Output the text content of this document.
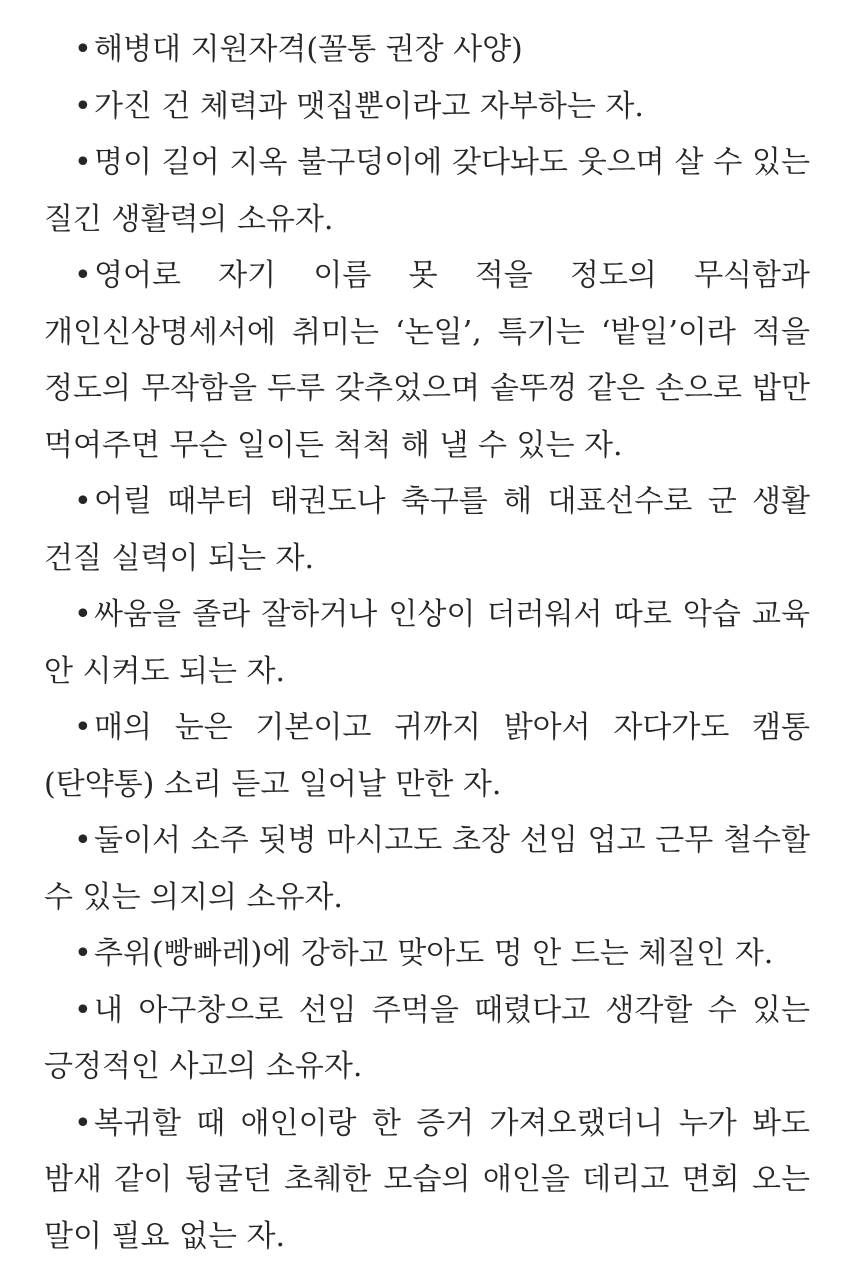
•해병대 지원자격(꼴통 권장 사양)

•가진 건 체력과 맷집뿐이라고 자부하는 자.

•명이 길어 지옥 불구덩이에 갖다놔도 웃으며 살 수 있는 질긴 생활력의 소유자.

•영어로 자기 이름 못 적을 정도의 무식함과 개인신상명세서에 취미는 ‘논일’, 특기는 ‘밭일’이라 적을 정도의 무작함을 두루 갖추었으며 솥뚜껑 같은 손으로 밥만 먹여주면 무슨 일이든 척척 해 낼 수 있는 자.

•어릴 때부터 태권도나 축구를 해 대표선수로 군 생활 건질 실력이 되는 자.

•싸움을 졸라 잘하거나 인상이 더러워서 따로 악습 교육 안 시켜도 되는 자.

•매의 눈은 기본이고 귀까지 밝아서 자다가도 캠통(탄약통) 소리 듣고 일어날 만한 자.

•둘이서 소주 됫병 마시고도 초장 선임 업고 근무 철수할 수 있는 의지의 소유자.

•추위(빵빠레)에 강하고 맞아도 멍 안 드는 체질인 자.

•내 아구창으로 선임 주먹을 때렸다고 생각할 수 있는 긍정적인 사고의 소유자.

•복귀할 때 애인이랑 한 증거 가져오랬더니 누가 봐도 밤새 같이 뒹굴던 초췌한 모습의 애인을 데리고 면회 오는 말이 필요 없는 자.
